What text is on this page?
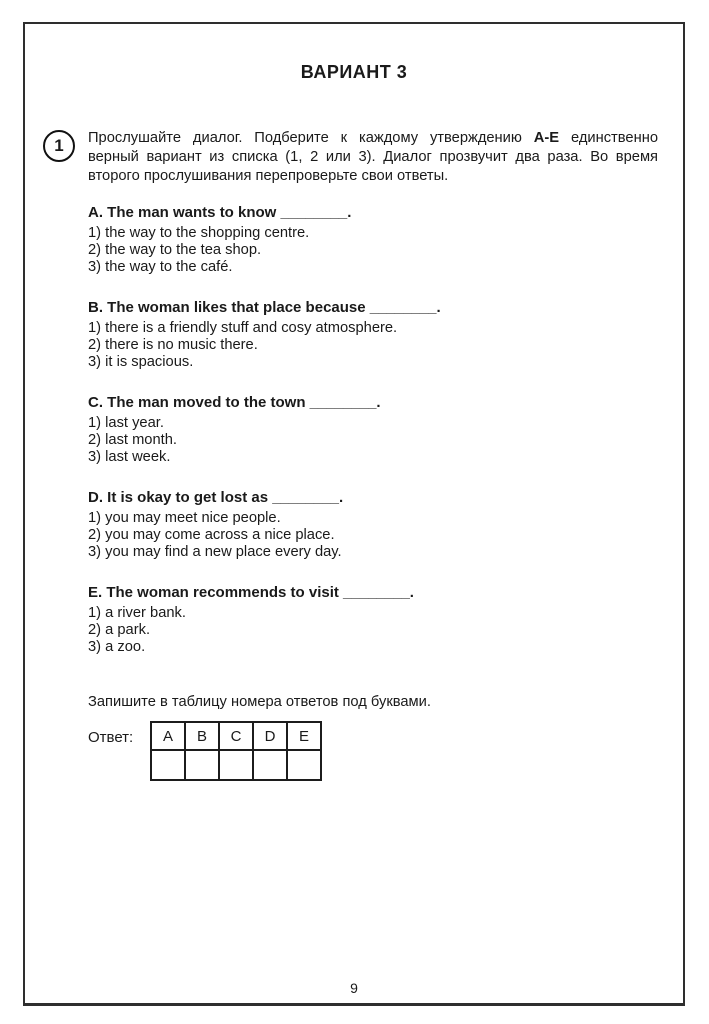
ВАРИАНТ 3
1 Прослушайте диалог. Подберите к каждому утверждению А-Е единственно верный вариант из списка (1, 2 или 3). Диалог прозвучит два раза. Во время второго прослушивания перепроверьте свои ответы.

A. The man wants to know ________.

1) the way to the shopping centre.

2) the way to the tea shop.

3) the way to the café.

B. The woman likes that place because ________.

1) there is a friendly stuff and cosy atmosphere.

2) there is no music there.

3) it is spacious.

C. The man moved to the town ________.

1) last year.

2) last month.

3) last week.

D. It is okay to get lost as ________.

1) you may meet nice people.

2) you may come across a nice place.

3) you may find a new place every day.

E. The woman recommends to visit ________.

1) a river bank.

2) a park.

3) a zoo.

Запишите в таблицу номера ответов под буквами.

Ответ:	A	B	C	D	E

9
